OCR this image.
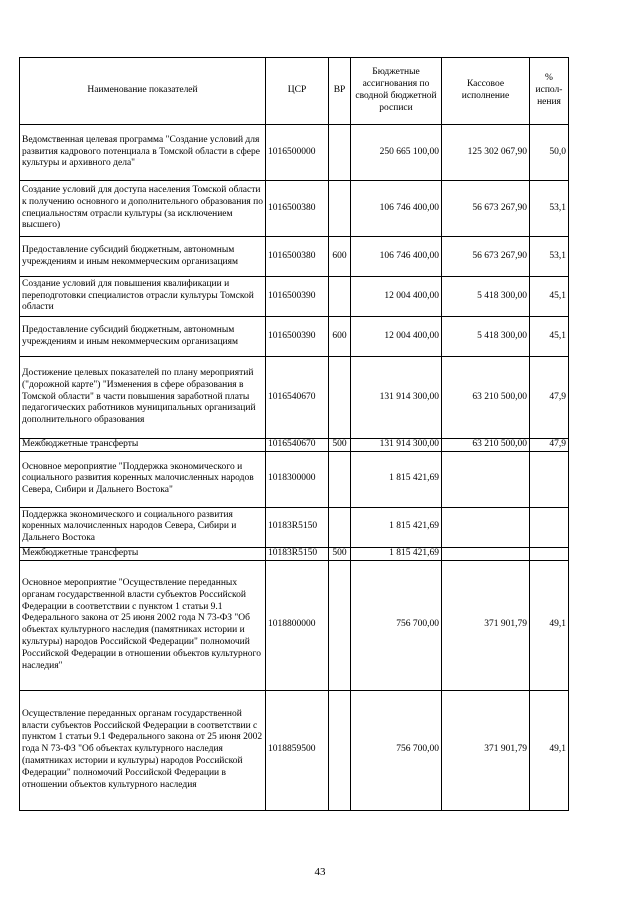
Наименование показателей	ЦСР	ВР	Бюджетные ассигнования по сводной бюджетной росписи	Кассовое исполнение	% испол-нения
Ведомственная целевая программа "Создание условий для развития кадрового потенциала в Томской области в сфере культуры и архивного дела"	1016500000		250 665 100,00	125 302 067,90	50,0
Создание условий для доступа населения Томской области к получению основного и дополнительного образования по специальностям отрасли культуры (за исключением высшего)	1016500380		106 746 400,00	56 673 267,90	53,1
Предоставление субсидий бюджетным, автономным учреждениям и иным некоммерческим организациям	1016500380	600	106 746 400,00	56 673 267,90	53,1
Создание условий для повышения квалификации и переподготовки специалистов отрасли культуры Томской области	1016500390		12 004 400,00	5 418 300,00	45,1
Предоставление субсидий бюджетным, автономным учреждениям и иным некоммерческим организациям	1016500390	600	12 004 400,00	5 418 300,00	45,1
Достижение целевых показателей по плану мероприятий ("дорожной карте") "Изменения в сфере образования в Томской области" в части повышения заработной платы педагогических работников муниципальных организаций дополнительного образования	1016540670		131 914 300,00	63 210 500,00	47,9
Межбюджетные трансферты	1016540670	500	131 914 300,00	63 210 500,00	47,9
Основное мероприятие "Поддержка экономического и социального развития коренных малочисленных народов Севера, Сибири и Дальнего Востока"	1018300000		1 815 421,69		
Поддержка экономического и социального развития коренных малочисленных народов Севера, Сибири и Дальнего Востока	10183R5150		1 815 421,69		
Межбюджетные трансферты	10183R5150	500	1 815 421,69		
Основное мероприятие "Осуществление переданных органам государственной власти субъектов Российской Федерации в соответствии с пунктом 1 статьи 9.1 Федерального закона от 25 июня 2002 года N 73-ФЗ "Об объектах культурного наследия (памятниках истории и культуры) народов Российской Федерации" полномочий Российской Федерации в отношении объектов культурного наследия"	1018800000		756 700,00	371 901,79	49,1
Осуществление переданных органам государственной власти субъектов Российской Федерации в соответствии с пунктом 1 статьи 9.1 Федерального закона от 25 июня 2002 года N 73-ФЗ "Об объектах культурного наследия (памятниках истории и культуры) народов Российской Федерации" полномочий Российской Федерации в отношении объектов культурного наследия	1018859500		756 700,00	371 901,79	49,1
43
